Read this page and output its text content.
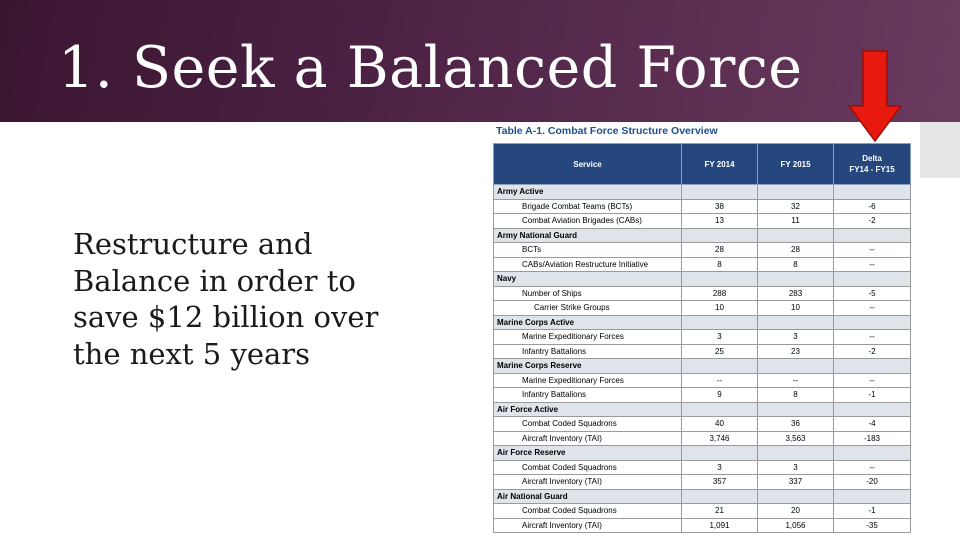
1. Seek a Balanced Force
Restructure and
Balance in order to
save $12 billion over
the next 5 years
Table A-1. Combat Force Structure Overview
Service	FY 2014	FY 2015	Delta
FY14 - FY15
Army Active			
Brigade Combat Teams (BCTs)	38	32	-6
Combat Aviation Brigades (CABs)	13	11	-2
Army National Guard			
BCTs	28	28	--
CABs/Aviation Restructure Initiative	8	8	--
Navy			
Number of Ships	288	283	-5
Carrier Strike Groups	10	10	--
Marine Corps Active			
Marine Expeditionary Forces	3	3	--
Infantry Battalions	25	23	-2
Marine Corps Reserve			
Marine Expeditionary Forces	--	--	--
Infantry Battalions	9	8	-1
Air Force Active			
Combat Coded Squadrons	40	36	-4
Aircraft Inventory (TAI)	3,746	3,563	-183
Air Force Reserve			
Combat Coded Squadrons	3	3	--
Aircraft Inventory (TAI)	357	337	-20
Air National Guard			
Combat Coded Squadrons	21	20	-1
Aircraft Inventory (TAI)	1,091	1,056	-35
